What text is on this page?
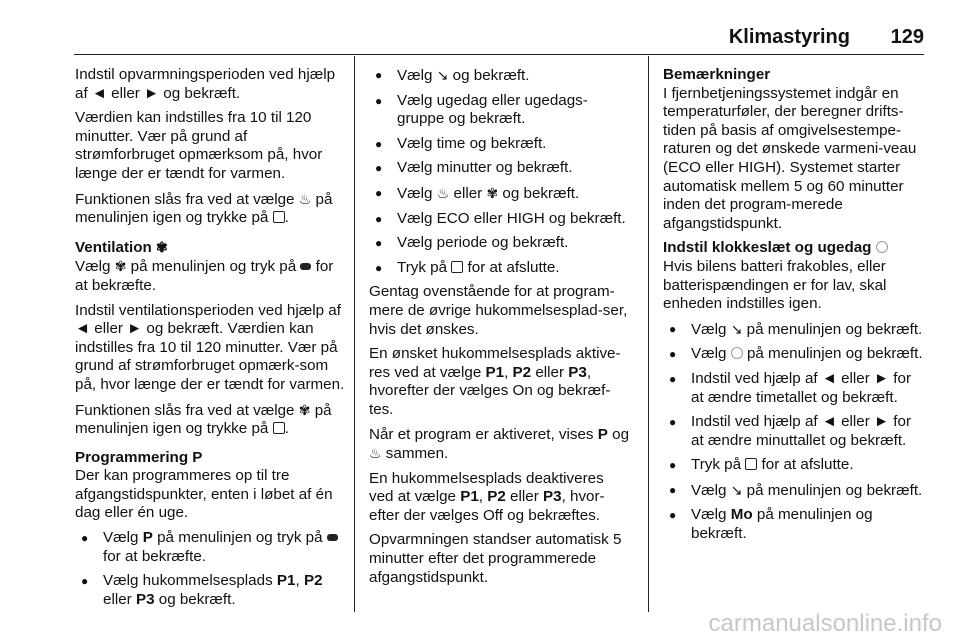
Klimastyring 129

Indstil opvarmningsperioden ved hjælp af ◄ eller ► og bekræft.

Værdien kan indstilles fra 10 til 120 minutter. Vær på grund af strømforbruget opmærksom på, hvor længe der er tændt for varmen.

Funktionen slås fra ved at vælge ♨ på menulinjen igen og trykke på .

Ventilation ✾

Vælg ✾ på menulinjen og tryk på for at bekræfte.

Indstil ventilationsperioden ved hjælp af ◄ eller ► og bekræft. Værdien kan indstilles fra 10 til 120 minutter. Vær på grund af strømforbruget opmærk-som på, hvor længe der er tændt for varmen.

Funktionen slås fra ved at vælge ✾ på menulinjen igen og trykke på .

Programmering P

Der kan programmeres op til tre afgangstidspunkter, enten i løbet af én dag eller én uge.

● Vælg P på menulinjen og tryk på  for at bekræfte.
● Vælg hukommelsesplads P1, P2 eller P3 og bekræft.
● Vælg ↘ og bekræft.
● Vælg ugedag eller ugedags-gruppe og bekræft.
● Vælg time og bekræft.
● Vælg minutter og bekræft.
● Vælg ♨ eller ✾ og bekræft.
● Vælg ECO eller HIGH og bekræft.
● Vælg periode og bekræft.
● Tryk på for at afslutte.

Gentag ovenstående for at program-mere de øvrige hukommelsesplad-ser, hvis det ønskes.

En ønsket hukommelsesplads aktive-res ved at vælge P1, P2 eller P3, hvorefter der vælges On og bekræf-tes.

Når et program er aktiveret, vises P og ♨ sammen.

En hukommelsesplads deaktiveres ved at vælge P1, P2 eller P3, hvor-efter der vælges Off og bekræftes.

Opvarmningen standser automatisk 5 minutter efter det programmerede afgangstidspunkt.

Bemærkninger

I fjernbetjeningssystemet indgår en temperaturføler, der beregner drifts-tiden på basis af omgivelsestempe-raturen og det ønskede varmeni-veau (ECO eller HIGH). Systemet starter automatisk mellem 5 og 60 minutter inden det program-merede afgangstidspunkt.

Indstil klokkeslæt og ugedag

Hvis bilens batteri frakobles, eller batterispændingen er for lav, skal enheden indstilles igen.

● Vælg ↘ på menulinjen og bekræft.
● Vælg på menulinjen og bekræft.
● Indstil ved hjælp af ◄ eller ► for at ændre timetallet og bekræft.
● Indstil ved hjælp af ◄ eller ► for at ændre minuttallet og bekræft.
● Tryk på for at afslutte.
● Vælg ↘ på menulinjen og bekræft.
● Vælg Mo på menulinjen og bekræft.
carmanualsonline.info
